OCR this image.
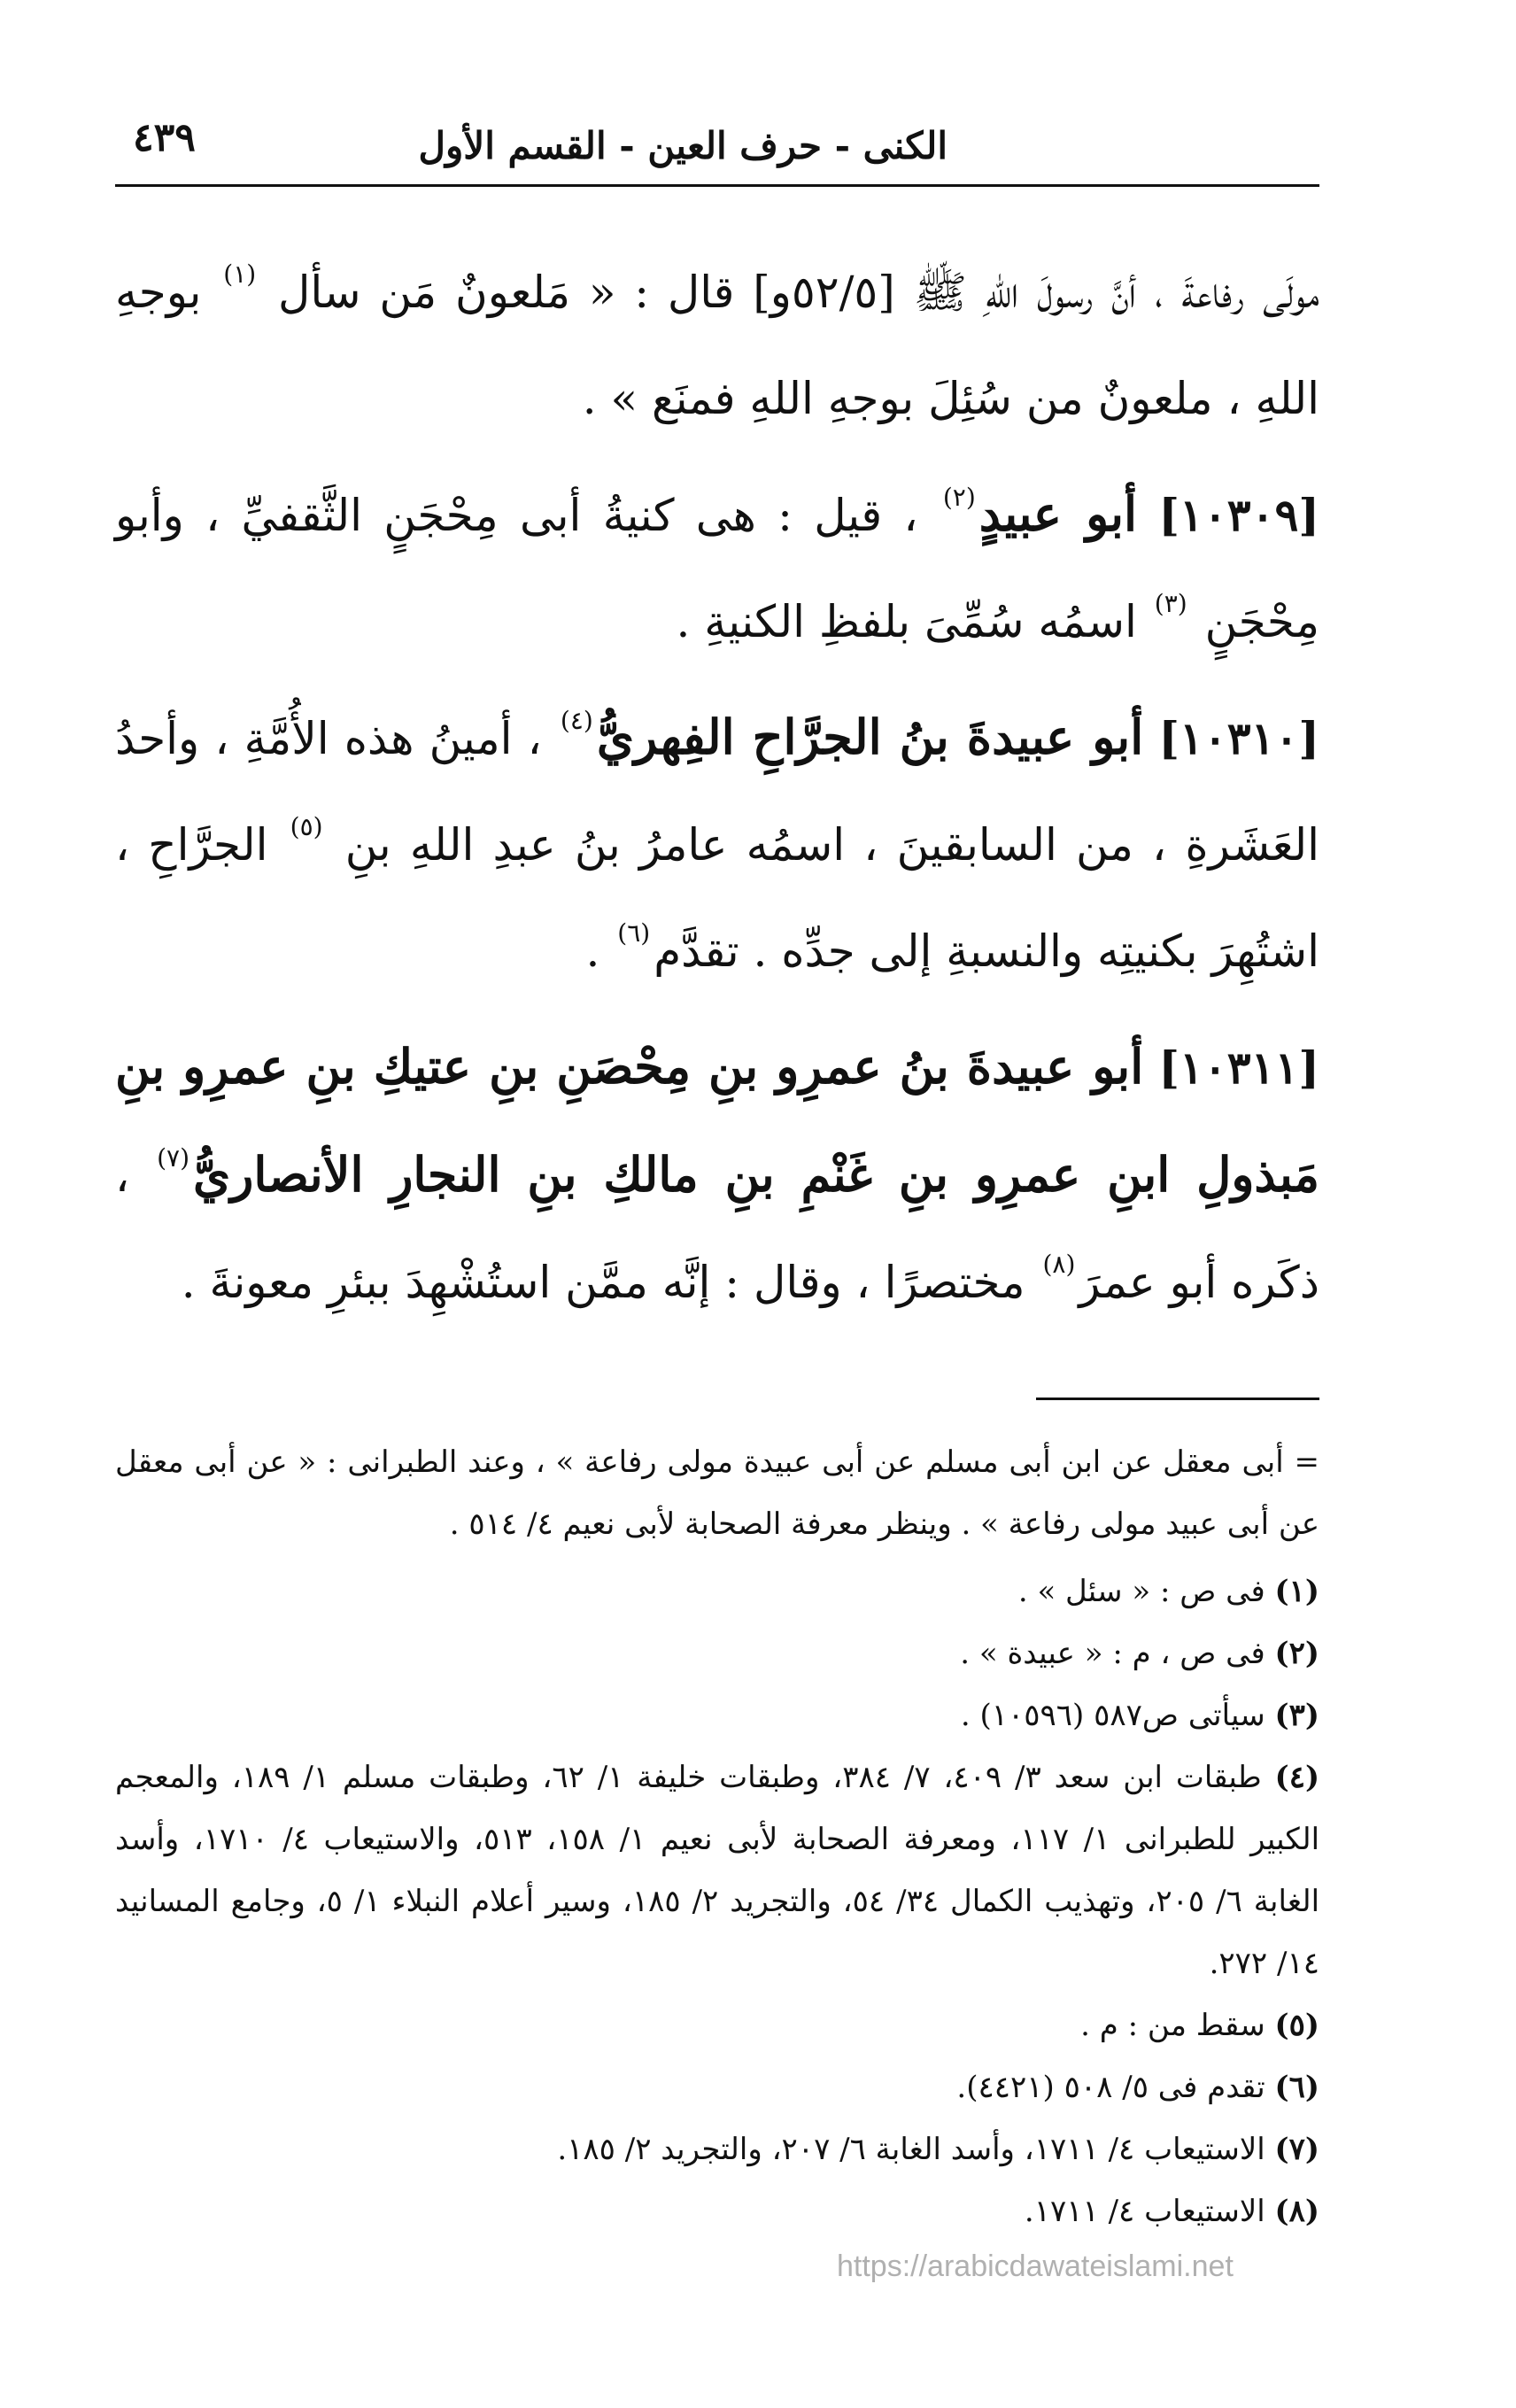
الكنى - حرف العين - القسم الأول
٤٣٩

مولَى رفاعةَ ، أنَّ رسولَ اللهِ ﷺ [٥٢/٥و] قال : « مَلعونٌ مَن سأل $^{(١)}$ بوجهِ اللهِ ، ملعونٌ من سُئِلَ بوجهِ اللهِ فمنَع » .

[١٠٣٠٩] أبو عبيدٍ$^{(٢)}$ ، قيل : هى كنيةُ أبى مِحْجَنٍ الثَّقفيِّ ، وأبو مِحْجَنٍ $^{(٣)}$ اسمُه سُمِّىَ بلفظِ الكنيةِ .

[١٠٣١٠] أبو عبيدةَ بنُ الجرَّاحِ الفِهريُّ$^{(٤)}$ ، أمينُ هذه الأُمَّةِ ، وأحدُ العَشَرةِ ، من السابقينَ ، اسمُه عامرُ بنُ عبدِ اللهِ بنِ $^{(٥)}$ الجرَّاحِ ، اشتُهِرَ بكنيتِه والنسبةِ إلى جدِّه . تقدَّم$^{(٦)}$ .

[١٠٣١١] أبو عبيدةَ بنُ عمرِو بنِ مِحْصَنِ بنِ عتيكِ بنِ عمرِو بنِ مَبذولِ ابنِ عمرِو بنِ غَنْمِ بنِ مالكِ بنِ النجارِ الأنصاريُّ$^{(٧)}$ ، ذكَره أبو عمرَ$^{(٨)}$ مختصرًا ، وقال : إنَّه ممَّن استُشْهِدَ ببئرِ معونةَ .

= أبى معقل عن ابن أبى مسلم عن أبى عبيدة مولى رفاعة » ، وعند الطبرانى : « عن أبى معقل عن أبى عبيد مولى رفاعة » . وينظر معرفة الصحابة لأبى نعيم ٤/ ٥١٤ .

(١) فى ص : « سئل » .

(٢) فى ص ، م : « عبيدة » .

(٣) سيأتى ص٥٨٧ (١٠٥٩٦) .

(٤) طبقات ابن سعد ٣/ ٤٠٩، ٧/ ٣٨٤، وطبقات خليفة ١/ ٦٢، وطبقات مسلم ١/ ١٨٩، والمعجم الكبير للطبرانى ١/ ١١٧، ومعرفة الصحابة لأبى نعيم ١/ ١٥٨، ٥١٣، والاستيعاب ٤/ ١٧١٠، وأسد الغابة ٦/ ٢٠٥، وتهذيب الكمال ٣٤/ ٥٤، والتجريد ٢/ ١٨٥، وسير أعلام النبلاء ١/ ٥، وجامع المسانيد ١٤/ ٢٧٢.

(٥) سقط من : م .

(٦) تقدم فى ٥/ ٥٠٨ (٤٤٢١).

(٧) الاستيعاب ٤/ ١٧١١، وأسد الغابة ٦/ ٢٠٧، والتجريد ٢/ ١٨٥.

(٨) الاستيعاب ٤/ ١٧١١.

https://arabicdawateislami.net
